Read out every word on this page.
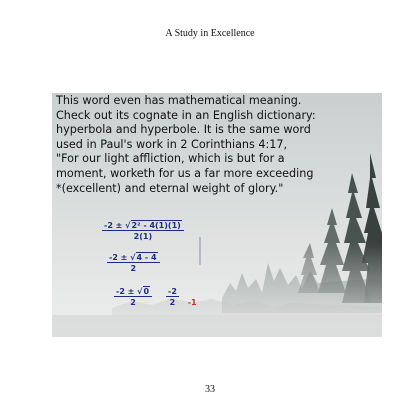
A Study in Excellence
This word even has mathematical meaning.
Check out its cognate in an English dictionary:
hyperbola and hyperbole. It is the same word
used in Paul's work in 2 Corinthians 4:17,
"For our light affliction, which is but for a
moment, worketh for us a far more exceeding
*(excellent) and eternal weight of glory."
$\frac{\text{-2 ± √2² - 4(1)(1)}}{2(1)}$
$\frac{-2 \pm √4 - 4}{2}$
$\frac{-2 \pm √0}{2} \frac{-2}{2} -1$
33
